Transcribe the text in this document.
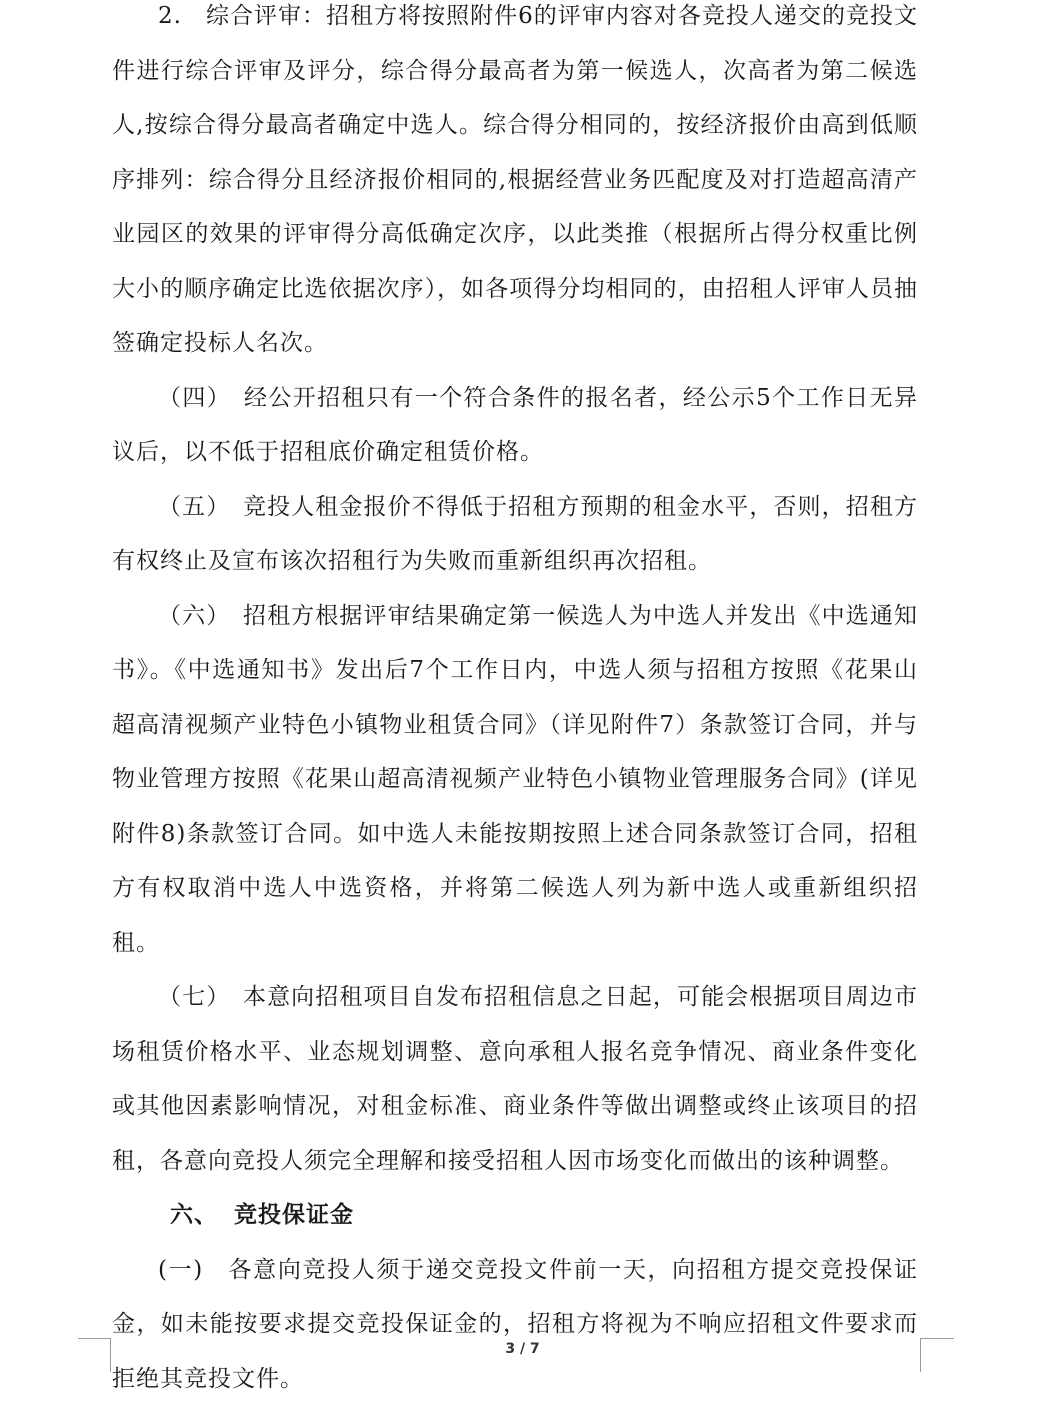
2.　综合评审：招租方将按照附件6的评审内容对各竞投人递交的竞投文件进行综合评审及评分，综合得分最高者为第一候选人，次高者为第二候选人,按综合得分最高者确定中选人。综合得分相同的，按经济报价由高到低顺序排列：综合得分且经济报价相同的,根据经营业务匹配度及对打造超高清产业园区的效果的评审得分高低确定次序，以此类推（根据所占得分权重比例大小的顺序确定比选依据次序），如各项得分均相同的，由招租人评审人员抽签确定投标人名次。

（四）　经公开招租只有一个符合条件的报名者，经公示5个工作日无异议后，以不低于招租底价确定租赁价格。

（五）　竞投人租金报价不得低于招租方预期的租金水平，否则，招租方有权终止及宣布该次招租行为失败而重新组织再次招租。

（六）　招租方根据评审结果确定第一候选人为中选人并发出《中选通知书》。《中选通知书》发出后7个工作日内，中选人须与招租方按照《花果山超高清视频产业特色小镇物业租赁合同》（详见附件7）条款签订合同，并与物业管理方按照《花果山超高清视频产业特色小镇物业管理服务合同》(详见附件8)条款签订合同。如中选人未能按期按照上述合同条款签订合同，招租方有权取消中选人中选资格，并将第二候选人列为新中选人或重新组织招租。

（七）　本意向招租项目自发布招租信息之日起，可能会根据项目周边市场租赁价格水平、业态规划调整、意向承租人报名竞争情况、商业条件变化或其他因素影响情况，对租金标准、商业条件等做出调整或终止该项目的招租，各意向竞投人须完全理解和接受招租人因市场变化而做出的该种调整。

六、 竞投保证金

(一)　各意向竞投人须于递交竞投文件前一天，向招租方提交竞投保证金，如未能按要求提交竞投保证金的，招租方将视为不响应招租文件要求而拒绝其竞投文件。

3 / 7
